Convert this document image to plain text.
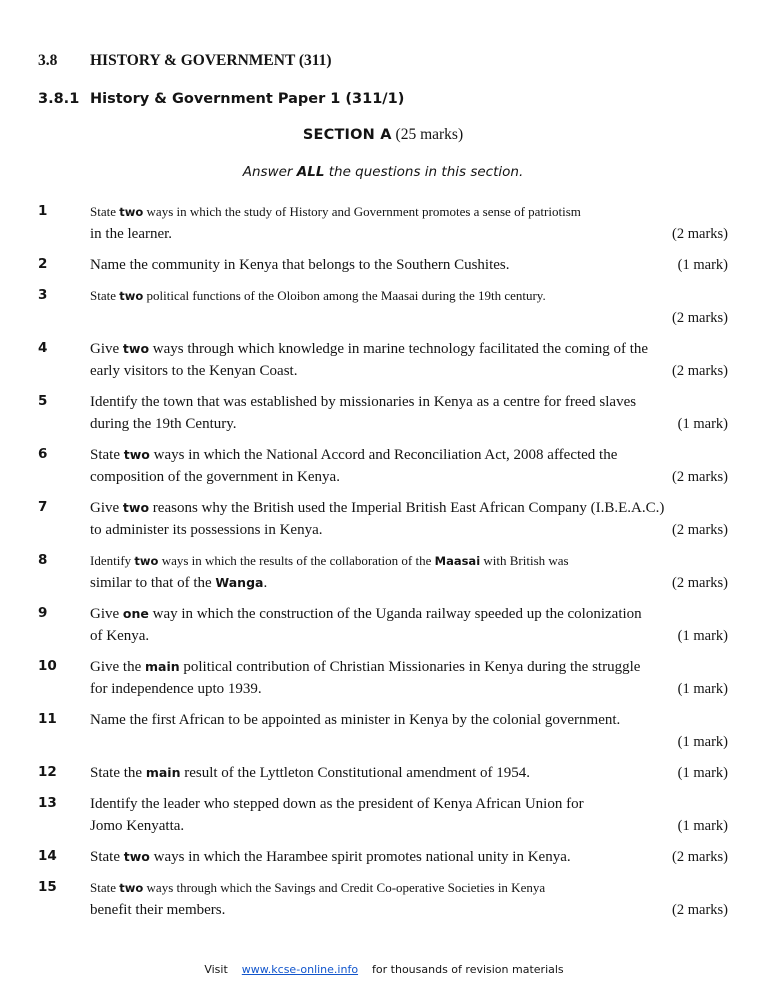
3.8	HISTORY & GOVERNMENT (311)
3.8.1 History & Government Paper 1 (311/1)
SECTION A (25 marks)
Answer ALL the questions in this section.
1	State two ways in which the study of History and Government promotes a sense of patriotism
in the learner.	(2 marks)
2	Name the community in Kenya that belongs to the Southern Cushites.	(1 mark)
3	State two political functions of the Oloibon among the Maasai during the 19th century.
(2 marks)
4	Give two ways through which knowledge in marine technology facilitated the coming of the
early visitors to the Kenyan Coast.	(2 marks)
5	Identify the town that was established by missionaries in Kenya as a centre for freed slaves
during the 19th Century.	(1 mark)
6	State two ways in which the National Accord and Reconciliation Act, 2008 affected the
composition of the government in Kenya.	(2 marks)
7	Give two reasons why the British used the Imperial British East African Company (I.B.E.A.C.)
to administer its possessions in Kenya.	(2 marks)
8	Identify two ways in which the results of the collaboration of the Maasai with British was
similar to that of the Wanga.	(2 marks)
9	Give one way in which the construction of the Uganda railway speeded up the colonization
of Kenya.	(1 mark)
10	Give the main political contribution of Christian Missionaries in Kenya during the struggle
for independence upto 1939.	(1 mark)
11	Name the first African to be appointed as minister in Kenya by the colonial government.
(1 mark)
12	State the main result of the Lyttleton Constitutional amendment of 1954.	(1 mark)
13	Identify the leader who stepped down as the president of Kenya African Union for
Jomo Kenyatta.	(1 mark)
14	State two ways in which the Harambee spirit promotes national unity in Kenya.	(2 marks)
15	State two ways through which the Savings and Credit Co-operative Societies in Kenya
benefit their members.	(2 marks)
Visit www.kcse-online.info for thousands of revision materials
